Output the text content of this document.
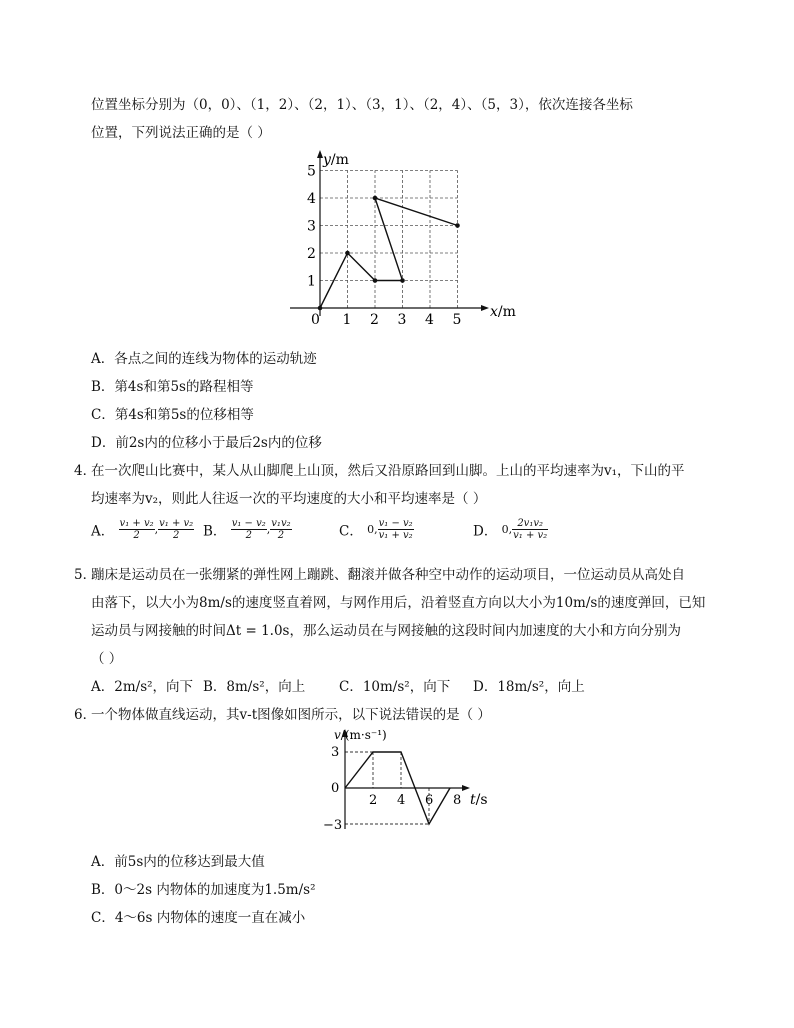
位置坐标分别为（0，0）、（1，2）、（2，1）、（3，1）、（2，4）、（5，3），依次连接各坐标
位置，下列说法正确的是（ ）
0 1 2 3 4 5
1
2
3
4
5
y/m
x/m
A．各点之间的连线为物体的运动轨迹
B．第4s和第5s的路程相等
C．第4s和第5s的位移相等
D．前2s内的位移小于最后2s内的位移
4．
在一次爬山比赛中，某人从山脚爬上山顶，然后又沿原路回到山脚。上山的平均速率为v₁，下山的平
均速率为v₂，则此人往返一次的平均速度的大小和平均速率是（ ）
A． $\frac{\text{v₁ + v₂}}{2}$ , $\frac{\text{v₁ + v₂}}{2}$ B． $\frac{\text{v₁ − v₂}}{2}$ , $\frac{\text{v₁v₂}}{2}$	C． 0, $\frac{\text{v₁ − v₂}}{\text{v₁ + v₂}}$	D． 0, $\frac{\text{2v₁v₂}}{\text{v₁ + v₂}}$
5．
蹦床是运动员在一张绷紧的弹性网上蹦跳、翻滚并做各种空中动作的运动项目，一位运动员从高处自
由落下，以大小为8m/s的速度竖直着网，与网作用后，沿着竖直方向以大小为10m/s的速度弹回，已知
运动员与网接触的时间Δt = 1.0s，那么运动员在与网接触的这段时间内加速度的大小和方向分别为
（ ）
A．2m/s²，向下 B．8m/s²，向上	C．10m/s²，向下 D．18m/s²，向上
6．
一个物体做直线运动，其v-t图像如图所示，以下说法错误的是（ ）
3
0
−3
2 4 6 8
v/(m·s⁻¹)
t/s
A．前5s内的位移达到最大值
B．0～2s 内物体的加速度为1.5m/s²
C．4～6s 内物体的速度一直在减小
